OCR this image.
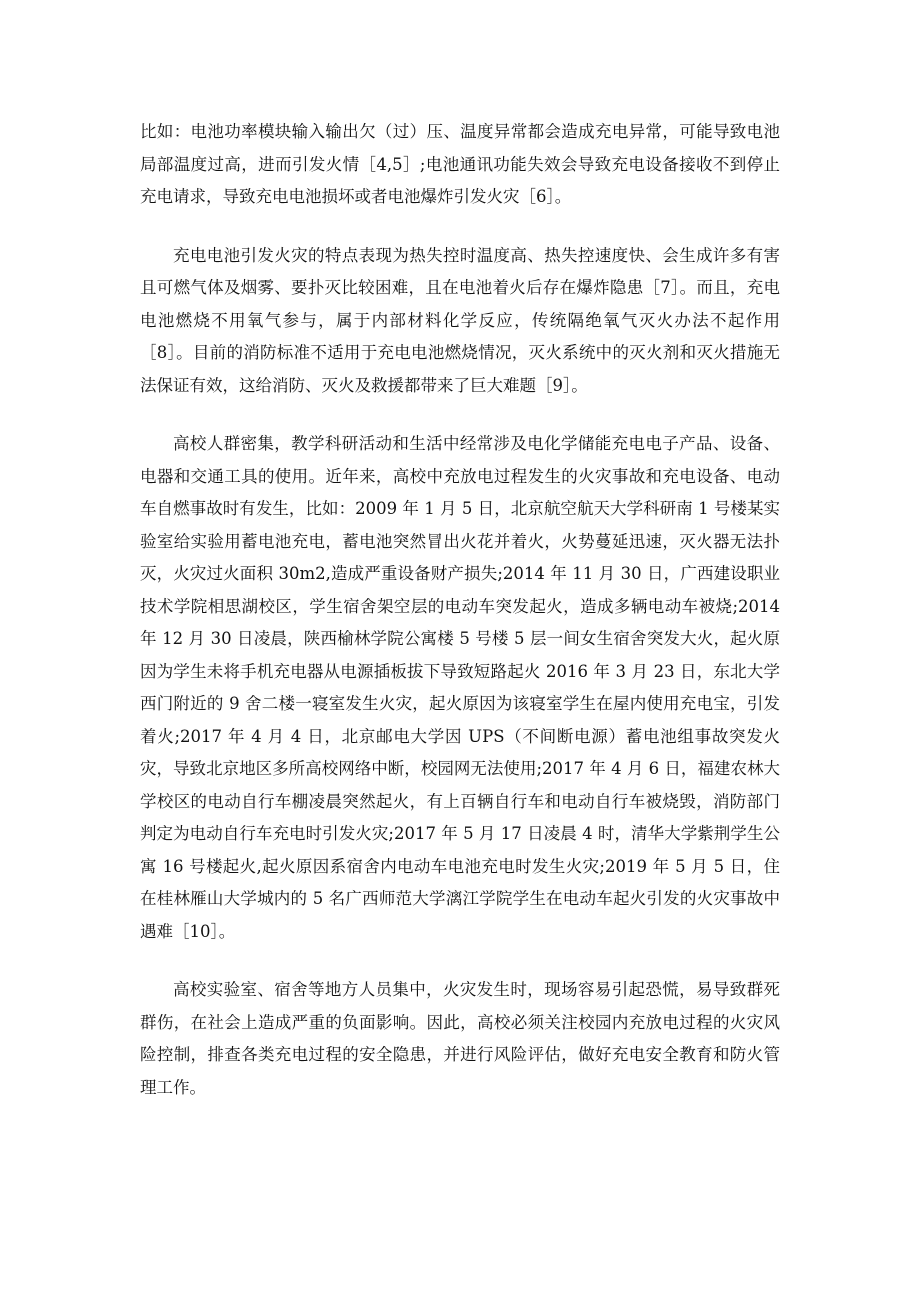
比如：电池功率模块输入输出欠（过）压、温度异常都会造成充电异常，可能导致电池局部温度过高，进而引发火情［4,5］;电池通讯功能失效会导致充电设备接收不到停止充电请求，导致充电电池损坏或者电池爆炸引发火灾［6］。

充电电池引发火灾的特点表现为热失控时温度高、热失控速度快、会生成许多有害且可燃气体及烟雾、要扑灭比较困难，且在电池着火后存在爆炸隐患［7］。而且，充电电池燃烧不用氧气参与，属于内部材料化学反应，传统隔绝氧气灭火办法不起作用［8］。目前的消防标准不适用于充电电池燃烧情况，灭火系统中的灭火剂和灭火措施无法保证有效，这给消防、灭火及救援都带来了巨大难题［9］。

高校人群密集，教学科研活动和生活中经常涉及电化学储能充电电子产品、设备、电器和交通工具的使用。近年来，高校中充放电过程发生的火灾事故和充电设备、电动车自燃事故时有发生，比如：2009 年 1 月 5 日，北京航空航天大学科研南 1 号楼某实验室给实验用蓄电池充电，蓄电池突然冒出火花并着火，火势蔓延迅速，灭火器无法扑灭，火灾过火面积 30m2,造成严重设备财产损失;2014 年 11 月 30 日，广西建设职业技术学院相思湖校区，学生宿舍架空层的电动车突发起火，造成多辆电动车被烧;2014 年 12 月 30 日凌晨，陕西榆林学院公寓楼 5 号楼 5 层一间女生宿舍突发大火，起火原因为学生未将手机充电器从电源插板拔下导致短路起火 2016 年 3 月 23 日，东北大学西门附近的 9 舍二楼一寝室发生火灾，起火原因为该寝室学生在屋内使用充电宝，引发着火;2017 年 4 月 4 日，北京邮电大学因 UPS（不间断电源）蓄电池组事故突发火灾，导致北京地区多所高校网络中断，校园网无法使用;2017 年 4 月 6 日，福建农林大学校区的电动自行车棚凌晨突然起火，有上百辆自行车和电动自行车被烧毁，消防部门判定为电动自行车充电时引发火灾;2017 年 5 月 17 日凌晨 4 时，清华大学紫荆学生公寓 16 号楼起火,起火原因系宿舍内电动车电池充电时发生火灾;2019 年 5 月 5 日，住在桂林雁山大学城内的 5 名广西师范大学漓江学院学生在电动车起火引发的火灾事故中遇难［10］。

高校实验室、宿舍等地方人员集中，火灾发生时，现场容易引起恐慌，易导致群死群伤，在社会上造成严重的负面影响。因此，高校必须关注校园内充放电过程的火灾风险控制，排查各类充电过程的安全隐患，并进行风险评估，做好充电安全教育和防火管理工作。
